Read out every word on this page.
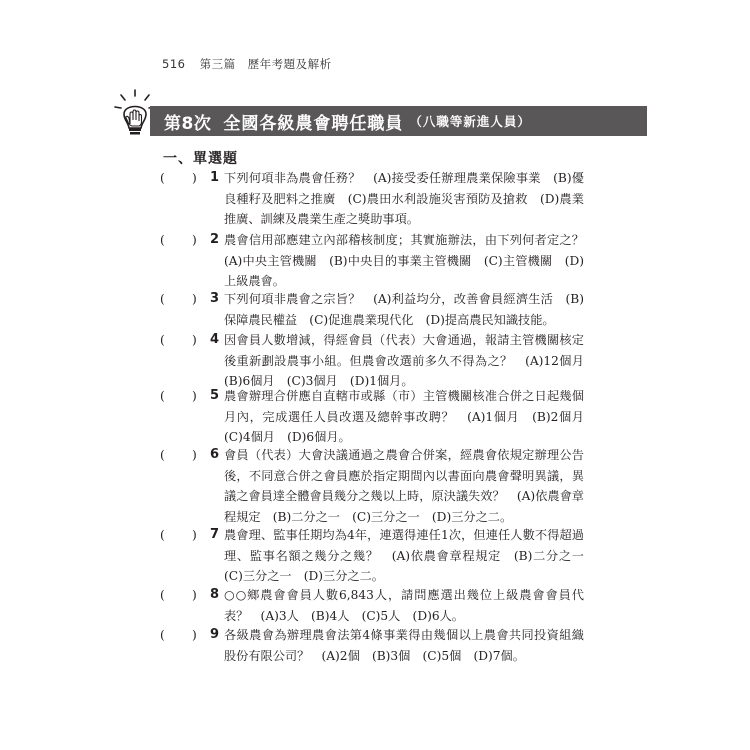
516 第三篇　歷年考題及解析
第8次 全國各級農會聘任職員 （八職等新進人員）
一、單選題
( ) 1 下列何項非為農會任務？　(A)接受委任辦理農業保險事業　(B)優良種籽及肥料之推廣　(C)農田水利設施災害預防及搶救　(D)農業推廣、訓練及農業生產之獎助事項。
( ) 2 農會信用部應建立內部稽核制度；其實施辦法，由下列何者定之？　(A)中央主管機關　(B)中央目的事業主管機關　(C)主管機關　(D)上級農會。
( ) 3 下列何項非農會之宗旨？　(A)利益均分，改善會員經濟生活　(B)保障農民權益　(C)促進農業現代化　(D)提高農民知識技能。
( ) 4 因會員人數增減，得經會員（代表）大會通過，報請主管機關核定後重新劃設農事小組。但農會改選前多久不得為之？　(A)12個月　(B)6個月　(C)3個月　(D)1個月。
( ) 5 農會辦理合併應自直轄市或縣（市）主管機關核准合併之日起幾個月內，完成選任人員改選及總幹事改聘？　(A)1個月　(B)2個月　(C)4個月　(D)6個月。
( ) 6 會員（代表）大會決議通過之農會合併案，經農會依規定辦理公告後，不同意合併之會員應於指定期間內以書面向農會聲明異議，異議之會員達全體會員幾分之幾以上時，原決議失效？　(A)依農會章程規定　(B)二分之一　(C)三分之一　(D)三分之二。
( ) 7 農會理、監事任期均為4年，連選得連任1次，但連任人數不得超過理、監事名額之幾分之幾？　(A)依農會章程規定　(B)二分之一　(C)三分之一　(D)三分之二。
( ) 8 ○○鄉農會會員人數6,843人，請問應選出幾位上級農會會員代表？　(A)3人　(B)4人　(C)5人　(D)6人。
( ) 9 各級農會為辦理農會法第4條事業得由幾個以上農會共同投資組織股份有限公司？　(A)2個　(B)3個　(C)5個　(D)7個。
